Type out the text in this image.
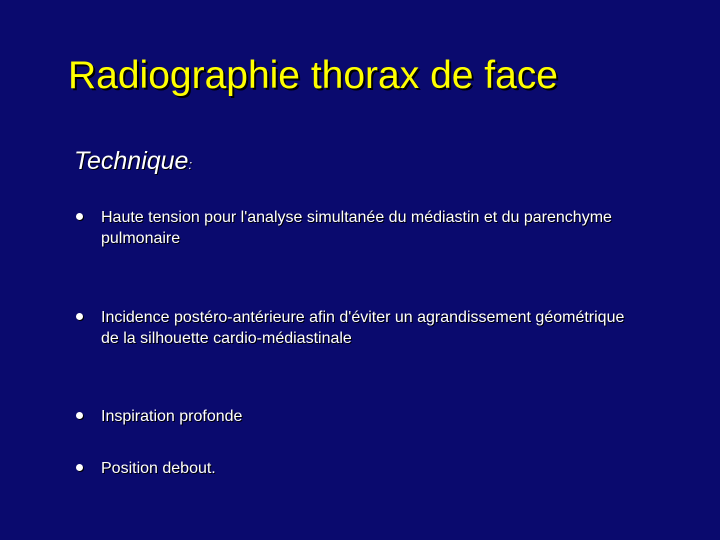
Radiographie thorax de face
Technique:
Haute tension pour l'analyse simultanée du médiastin et du parenchyme pulmonaire
Incidence postéro-antérieure afin d'éviter un agrandissement géométrique de la silhouette cardio-médiastinale
Inspiration profonde
Position debout.
